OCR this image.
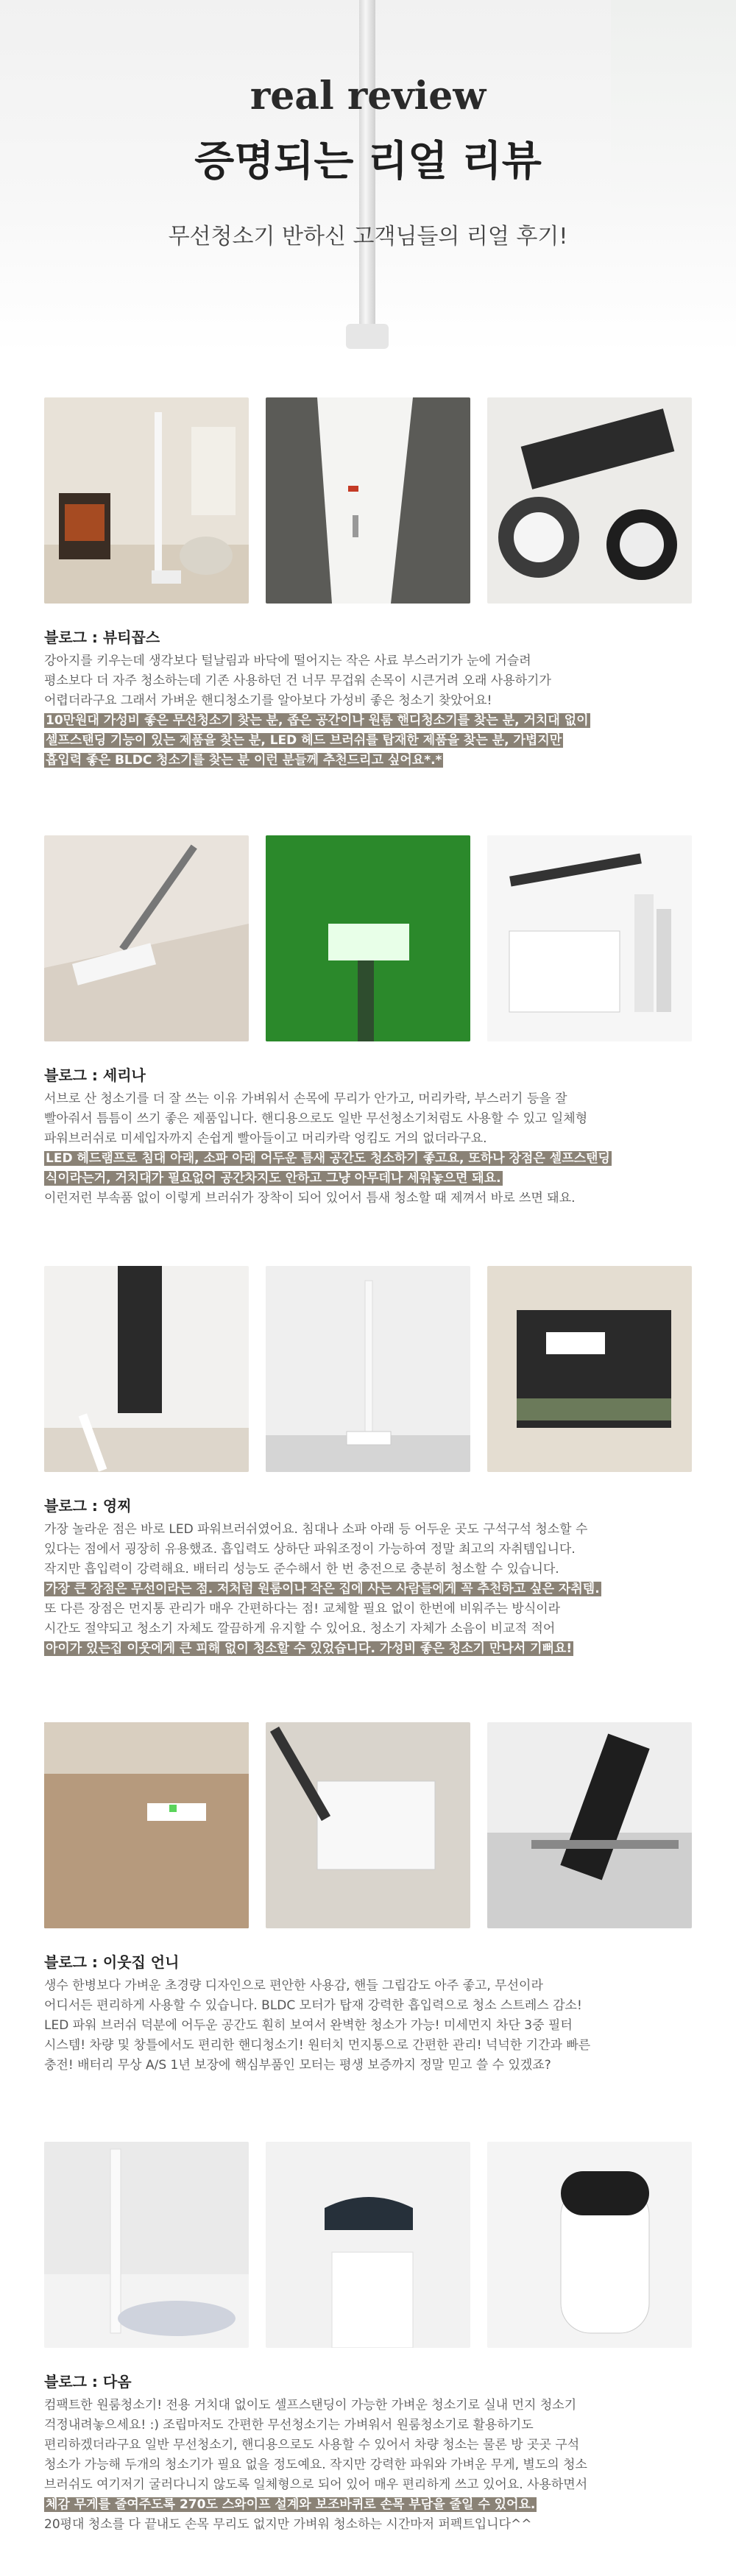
real review
증명되는 리얼 리뷰
무선청소기 반하신 고객님들의 리얼 후기!
블로그 : 뷰티꼽스
강아지를 키우는데 생각보다 털날림과 바닥에 떨어지는 작은 사료 부스러기가 눈에 거슬려
평소보다 더 자주 청소하는데 기존 사용하던 건 너무 무겁워 손목이 시큰거려 오래 사용하기가
어렵더라구요 그래서 가벼운 핸디청소기를 알아보다 가성비 좋은 청소기 찾았어요!
10만원대 가성비 좋은 무선청소기 찾는 분, 좁은 공간이나 원룸 핸디청소기를 찾는 분, 거치대 없이
셀프스탠딩 기능이 있는 제품을 찾는 분, LED 헤드 브러쉬를 탑재한 제품을 찾는 분, 가볍지만
흡입력 좋은 BLDC 청소기를 찾는 분 이런 분들께 추천드리고 싶어요*.*
블로그 : 세리나
서브로 산 청소기를 더 잘 쓰는 이유 가벼워서 손목에 무리가 안가고, 머리카락, 부스러기 등을 잘
빨아줘서 틈틈이 쓰기 좋은 제품입니다. 핸디용으로도 일반 무선청소기처럼도 사용할 수 있고 일체형
파워브러쉬로 미세입자까지 손쉽게 빨아들이고 머리카락 엉킴도 거의 없더라구요.
LED 헤드램프로 침대 아래, 소파 아래 어두운 틈새 공간도 청소하기 좋고요, 또하나 장점은 셀프스탠딩
식이라는거, 거치대가 필요없어 공간차지도 안하고 그냥 아무데나 세워놓으면 돼요.
이런저런 부속품 없이 이렇게 브러쉬가 장착이 되어 있어서 틈새 청소할 때 제껴서 바로 쓰면 돼요.
블로그 : 영찌
가장 놀라운 점은 바로 LED 파워브러쉬였어요. 침대나 소파 아래 등 어두운 곳도 구석구석 청소할 수
있다는 점에서 굉장히 유용했죠. 흡입력도 상하단 파워조정이 가능하여 정말 최고의 자취템입니다.
작지만 흡입력이 강력해요. 배터리 성능도 준수해서 한 번 충전으로 충분히 청소할 수 있습니다.
가장 큰 장점은 무선이라는 점. 저처럼 원룸이나 작은 집에 사는 사람들에게 꼭 추천하고 싶은 자취템.
또 다른 장점은 먼지통 관리가 매우 간편하다는 점! 교체할 필요 없이 한번에 비워주는 방식이라
시간도 절약되고 청소기 자체도 깔끔하게 유지할 수 있어요. 청소기 자체가 소음이 비교적 적어
아이가 있는집 이웃에게 큰 피해 없이 청소할 수 있었습니다. 가성비 좋은 청소기 만나서 기뻐요!
블로그 : 이웃집 언니
생수 한병보다 가벼운 초경량 디자인으로 편안한 사용감, 핸들 그립감도 아주 좋고, 무선이라
어디서든 편리하게 사용할 수 있습니다. BLDC 모터가 탑재 강력한 흡입력으로 청소 스트레스 감소!
LED 파워 브러쉬 덕분에 어두운 공간도 훤히 보여서 완벽한 청소가 가능! 미세먼지 차단 3중 필터
시스템! 차량 및 창틀에서도 편리한 핸디청소기! 원터치 먼지통으로 간편한 관리! 넉넉한 기간과 빠른
충전! 배터리 무상 A/S 1년 보장에 핵심부품인 모터는 평생 보증까지 정말 믿고 쓸 수 있겠죠?
블로그 : 다옴
컴팩트한 원룸청소기! 전용 거치대 없이도 셀프스탠딩이 가능한 가벼운 청소기로 실내 먼지 청소기
걱정내려놓으세요! :) 조립마저도 간편한 무선청소기는 가벼워서 원룸청소기로 활용하기도
편리하겠더라구요 일반 무선청소기, 핸디용으로도 사용할 수 있어서 차량 청소는 물론 방 곳곳 구석
청소가 가능해 두개의 청소기가 필요 없을 정도예요. 작지만 강력한 파워와 가벼운 무게, 별도의 청소
브러쉬도 여기저기 굴러다니지 않도록 일체형으로 되어 있어 매우 편리하게 쓰고 있어요. 사용하면서
체감 무게를 줄여주도록 270도 스와이프 설계와 보조바퀴로 손목 부담을 줄일 수 있어요.
20평대 청소를 다 끝내도 손목 무리도 없지만 가벼워 청소하는 시간마저 퍼펙트입니다^^
